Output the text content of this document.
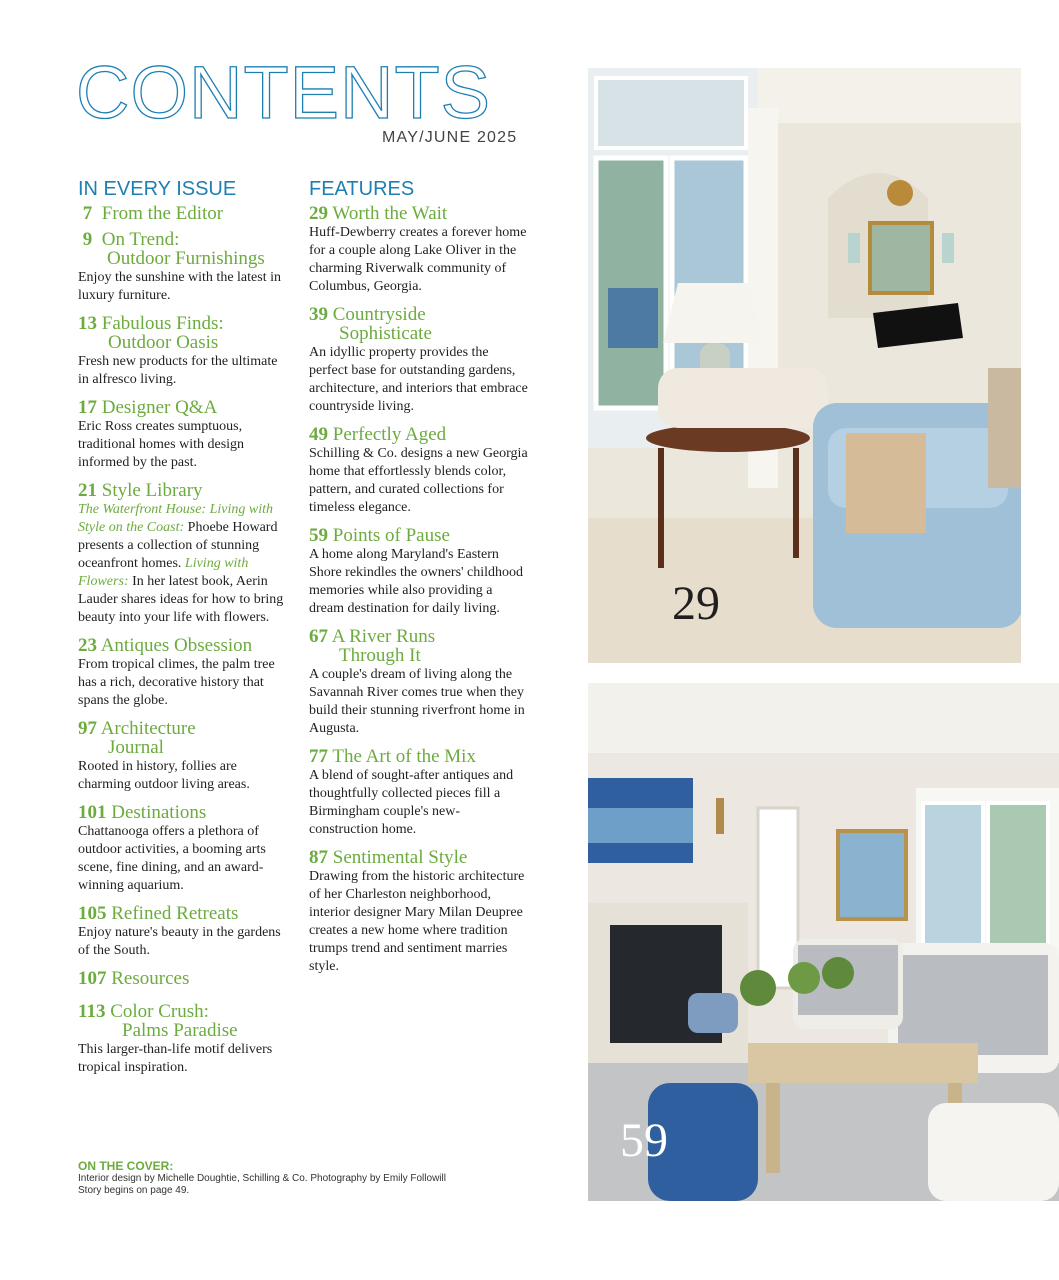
CONTENTS
MAY/JUNE 2025
IN EVERY ISSUE
7 From the Editor
9 On Trend:
Outdoor Furnishings
Enjoy the sunshine with the latest in luxury furniture.
13 Fabulous Finds:
Outdoor Oasis
Fresh new products for the ultimate in alfresco living.
17 Designer Q&A
Eric Ross creates sumptuous, traditional homes with design informed by the past.
21 Style Library
The Waterfront House: Living with Style on the Coast: Phoebe Howard presents a collection of stunning oceanfront homes. Living with Flowers: In her latest book, Aerin Lauder shares ideas for how to bring beauty into your life with flowers.
23 Antiques Obsession
From tropical climes, the palm tree has a rich, decorative history that spans the globe.
97 Architecture
Journal
Rooted in history, follies are charming outdoor living areas.
101 Destinations
Chattanooga offers a plethora of outdoor activities, a booming arts scene, fine dining, and an award-winning aquarium.
105 Refined Retreats
Enjoy nature's beauty in the gardens of the South.
107 Resources
113 Color Crush:
Palms Paradise
This larger-than-life motif delivers tropical inspiration.
FEATURES
29 Worth the Wait
Huff-Dewberry creates a forever home for a couple along Lake Oliver in the charming Riverwalk community of Columbus, Georgia.
39 Countryside
Sophisticate
An idyllic property provides the perfect base for outstanding gardens, architecture, and interiors that embrace countryside living.
49 Perfectly Aged
Schilling & Co. designs a new Georgia home that effortlessly blends color, pattern, and curated collections for timeless elegance.
59 Points of Pause
A home along Maryland's Eastern Shore rekindles the owners' childhood memories while also providing a dream destination for daily living.
67 A River Runs
Through It
A couple's dream of living along the Savannah River comes true when they build their stunning riverfront home in Augusta.
77 The Art of the Mix
A blend of sought-after antiques and thoughtfully collected pieces fill a Birmingham couple's new-construction home.
87 Sentimental Style
Drawing from the historic architecture of her Charleston neighborhood, interior designer Mary Milan Deupree creates a new home where tradition trumps trend and sentiment marries style.
ON THE COVER:
Interior design by Michelle Doughtie, Schilling & Co. Photography by Emily Followill
Story begins on page 49.
29
59
